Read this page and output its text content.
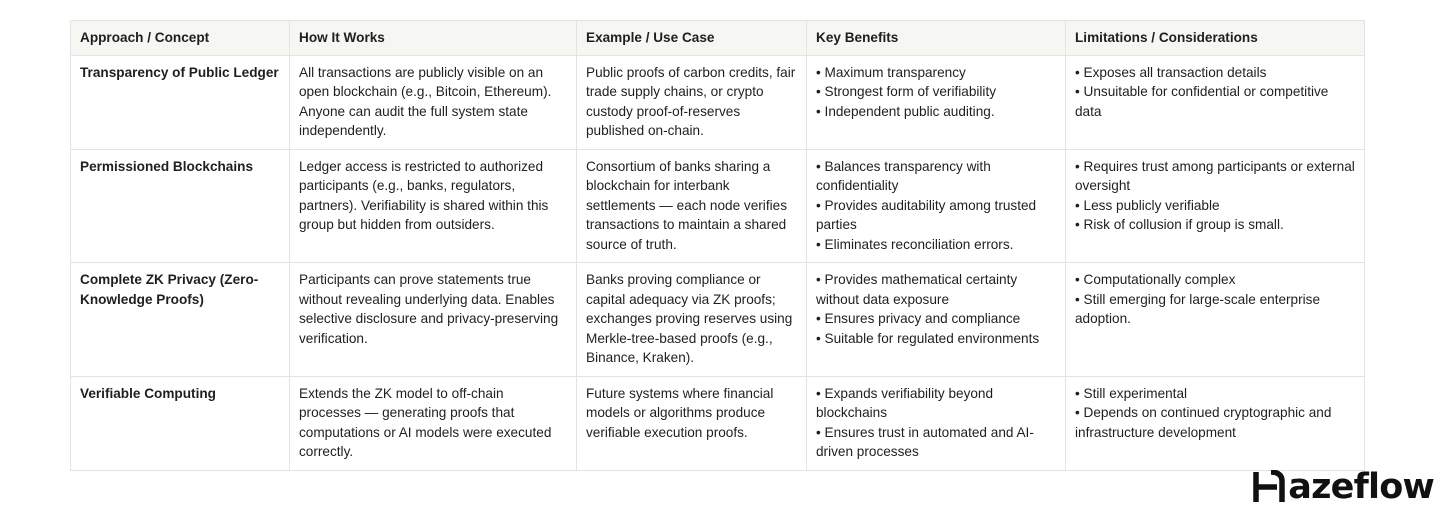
Approach / Concept	How It Works	Example / Use Case	Key Benefits	Limitations / Considerations
Transparency of Public Ledger	All transactions are publicly visible on an open blockchain (e.g., Bitcoin, Ethereum). Anyone can audit the full system state independently.	Public proofs of carbon credits, fair trade supply chains, or crypto custody proof-of-reserves published on-chain.	• Maximum transparency
• Strongest form of verifiability
• Independent public auditing.	• Exposes all transaction details
• Unsuitable for confidential or competitive data

Permissioned Blockchains	Ledger access is restricted to authorized participants (e.g., banks, regulators, partners). Verifiability is shared within this group but hidden from outsiders.	Consortium of banks sharing a blockchain for interbank settlements — each node verifies transactions to maintain a shared source of truth.	• Balances transparency with confidentiality
• Provides auditability among trusted parties
• Eliminates reconciliation errors.	• Requires trust among participants or external oversight
• Less publicly verifiable
• Risk of collusion if group is small.

Complete ZK Privacy (Zero-Knowledge Proofs)	Participants can prove statements true without revealing underlying data. Enables selective disclosure and privacy-preserving verification.	Banks proving compliance or capital adequacy via ZK proofs; exchanges proving reserves using Merkle-tree-based proofs (e.g., Binance, Kraken).	• Provides mathematical certainty without data exposure
• Ensures privacy and compliance
• Suitable for regulated environments	• Computationally complex
• Still emerging for large-scale enterprise adoption.

Verifiable Computing	Extends the ZK model to off-chain processes — generating proofs that computations or AI models were executed correctly.	Future systems where financial models or algorithms produce verifiable execution proofs.	• Expands verifiability beyond blockchains
• Ensures trust in automated and AI-driven processes	• Still experimental
• Depends on continued cryptographic and infrastructure development
azeflow
